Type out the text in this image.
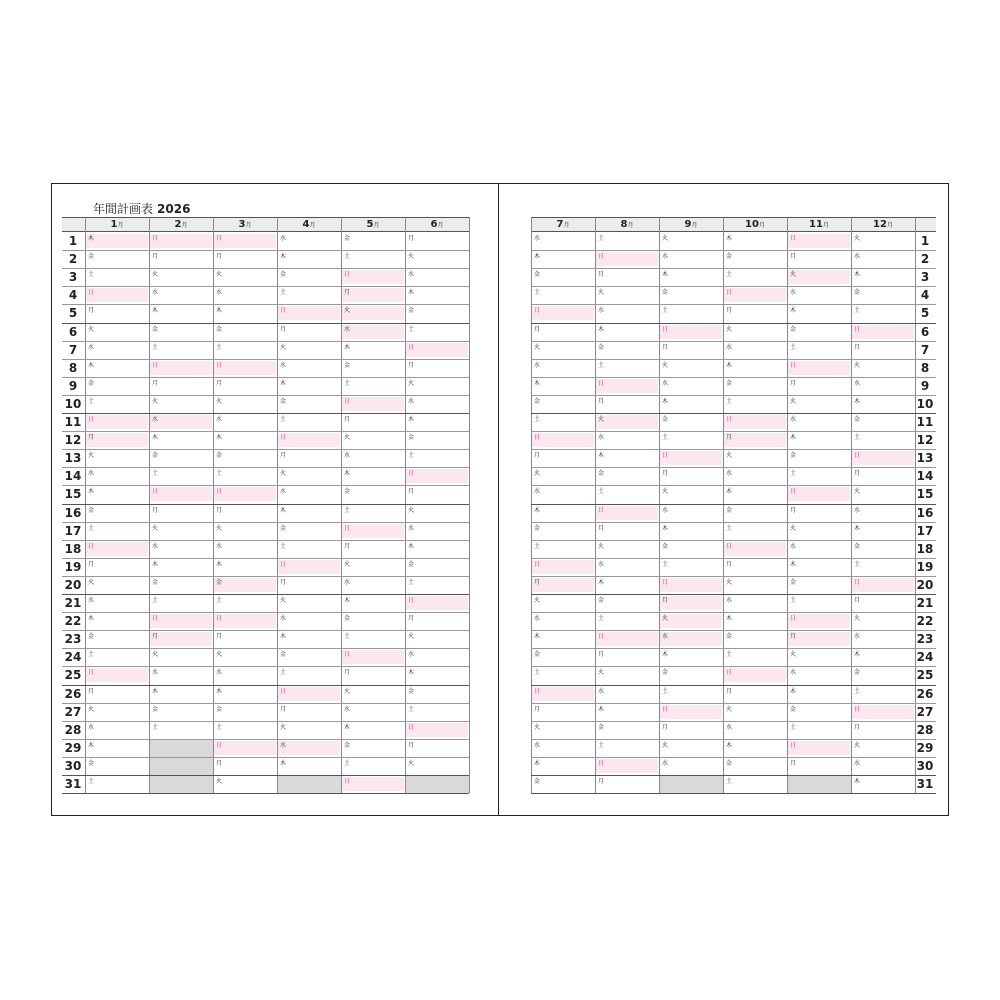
年間計画表 2026
1月
木
金
土
日
月
火
水
木
金
土
日
月
火
水
木
金
土
日
月
火
水
木
金
土
日
月
火
水
木
金
土
2月
日
月
火
水
木
金
土
日
月
火
水
木
金
土
日
月
火
水
木
金
土
日
月
火
水
木
金
土
3月
日
月
火
水
木
金
土
日
月
火
水
木
金
土
日
月
火
水
木
金
土
日
月
火
水
木
金
土
日
月
火
4月
水
木
金
土
日
月
火
水
木
金
土
日
月
火
水
木
金
土
日
月
火
水
木
金
土
日
月
火
水
木
5月
金
土
日
月
火
水
木
金
土
日
月
火
水
木
金
土
日
月
火
水
木
金
土
日
月
火
水
木
金
土
日
6月
月
火
水
木
金
土
日
月
火
水
木
金
土
日
月
火
水
木
金
土
日
月
火
水
木
金
土
日
月
火
1
2
3
4
5
6
7
8
9
10
11
12
13
14
15
16
17
18
19
20
21
22
23
24
25
26
27
28
29
30
31
7月
水
木
金
土
日
月
火
水
木
金
土
日
月
火
水
木
金
土
日
月
火
水
木
金
土
日
月
火
水
木
金
8月
土
日
月
火
水
木
金
土
日
月
火
水
木
金
土
日
月
火
水
木
金
土
日
月
火
水
木
金
土
日
月
9月
火
水
木
金
土
日
月
火
水
木
金
土
日
月
火
水
木
金
土
日
月
火
水
木
金
土
日
月
火
水
10月
木
金
土
日
月
火
水
木
金
土
日
月
火
水
木
金
土
日
月
火
水
木
金
土
日
月
火
水
木
金
土
11月
日
月
火
水
木
金
土
日
月
火
水
木
金
土
日
月
火
水
木
金
土
日
月
火
水
木
金
土
日
月
12月
火
水
木
金
土
日
月
火
水
木
金
土
日
月
火
水
木
金
土
日
月
火
水
木
金
土
日
月
火
水
木
1
2
3
4
5
6
7
8
9
10
11
12
13
14
15
16
17
18
19
20
21
22
23
24
25
26
27
28
29
30
31
